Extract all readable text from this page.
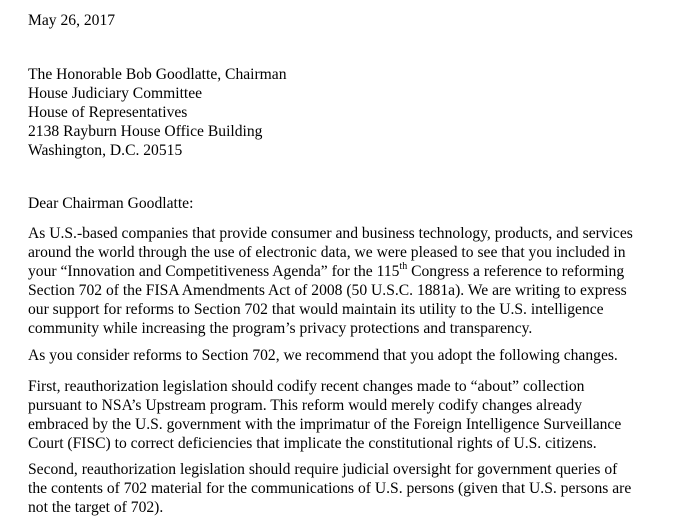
May 26, 2017
The Honorable Bob Goodlatte, Chairman
House Judiciary Committee
House of Representatives
2138 Rayburn House Office Building
Washington, D.C. 20515
Dear Chairman Goodlatte:
As U.S.-based companies that provide consumer and business technology, products, and services
around the world through the use of electronic data, we were pleased to see that you included in
your “Innovation and Competitiveness Agenda” for the 115th Congress a reference to reforming
Section 702 of the FISA Amendments Act of 2008 (50 U.S.C. 1881a). We are writing to express
our support for reforms to Section 702 that would maintain its utility to the U.S. intelligence
community while increasing the program’s privacy protections and transparency.
As you consider reforms to Section 702, we recommend that you adopt the following changes.
First, reauthorization legislation should codify recent changes made to “about” collection
pursuant to NSA’s Upstream program. This reform would merely codify changes already
embraced by the U.S. government with the imprimatur of the Foreign Intelligence Surveillance
Court (FISC) to correct deficiencies that implicate the constitutional rights of U.S. citizens.
Second, reauthorization legislation should require judicial oversight for government queries of
the contents of 702 material for the communications of U.S. persons (given that U.S. persons are
not the target of 702).
